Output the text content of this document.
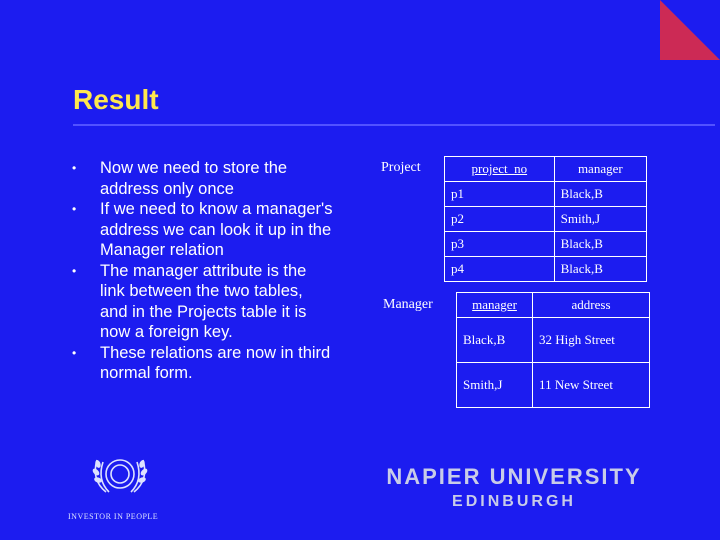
Result
• Now we need to store the address only once
• If we need to know a manager's address we can look it up in the Manager relation
• The manager attribute is the link between the two tables, and in the Projects table it is now a foreign key.
• These relations are now in third normal form.
Project	project_no	manager
p1	Black,B
p2	Smith,J
p3	Black,B
p4	Black,B
Manager	manager	address
Black,B	32 High Street
Smith,J	11 New Street
INVESTOR IN PEOPLE
NAPIER UNIVERSITY
EDINBURGH
